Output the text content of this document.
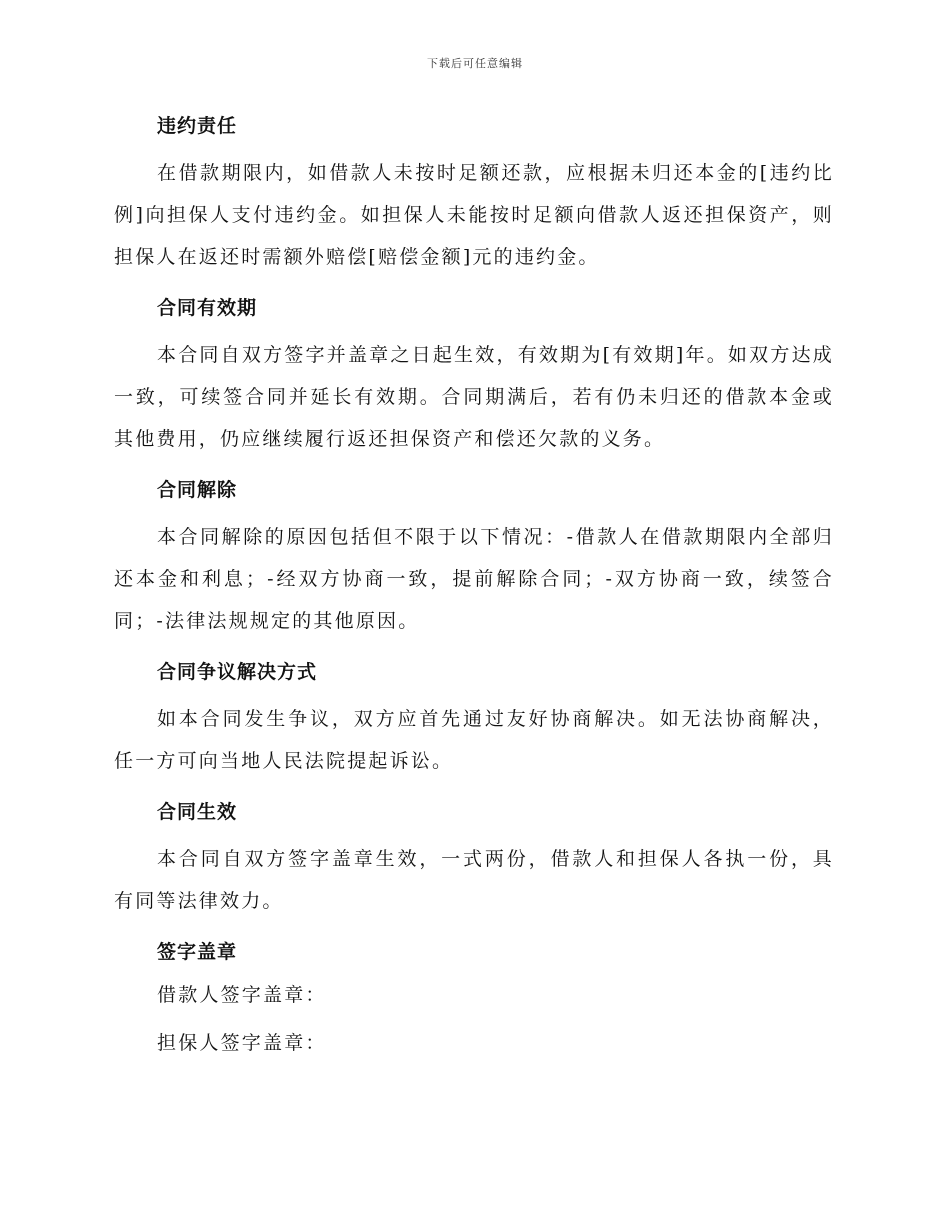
下载后可任意编辑
违约责任

在借款期限内，如借款人未按时足额还款，应根据未归还本金的[违约比例]向担保人支付违约金。如担保人未能按时足额向借款人返还担保资产，则担保人在返还时需额外赔偿[赔偿金额]元的违约金。

合同有效期

本合同自双方签字并盖章之日起生效，有效期为[有效期]年。如双方达成一致，可续签合同并延长有效期。合同期满后，若有仍未归还的借款本金或其他费用，仍应继续履行返还担保资产和偿还欠款的义务。

合同解除

本合同解除的原因包括但不限于以下情况：-借款人在借款期限内全部归还本金和利息；-经双方协商一致，提前解除合同；-双方协商一致，续签合同；-法律法规规定的其他原因。

合同争议解决方式

如本合同发生争议，双方应首先通过友好协商解决。如无法协商解决，任一方可向当地人民法院提起诉讼。

合同生效

本合同自双方签字盖章生效，一式两份，借款人和担保人各执一份，具有同等法律效力。

签字盖章

借款人签字盖章：

担保人签字盖章：
